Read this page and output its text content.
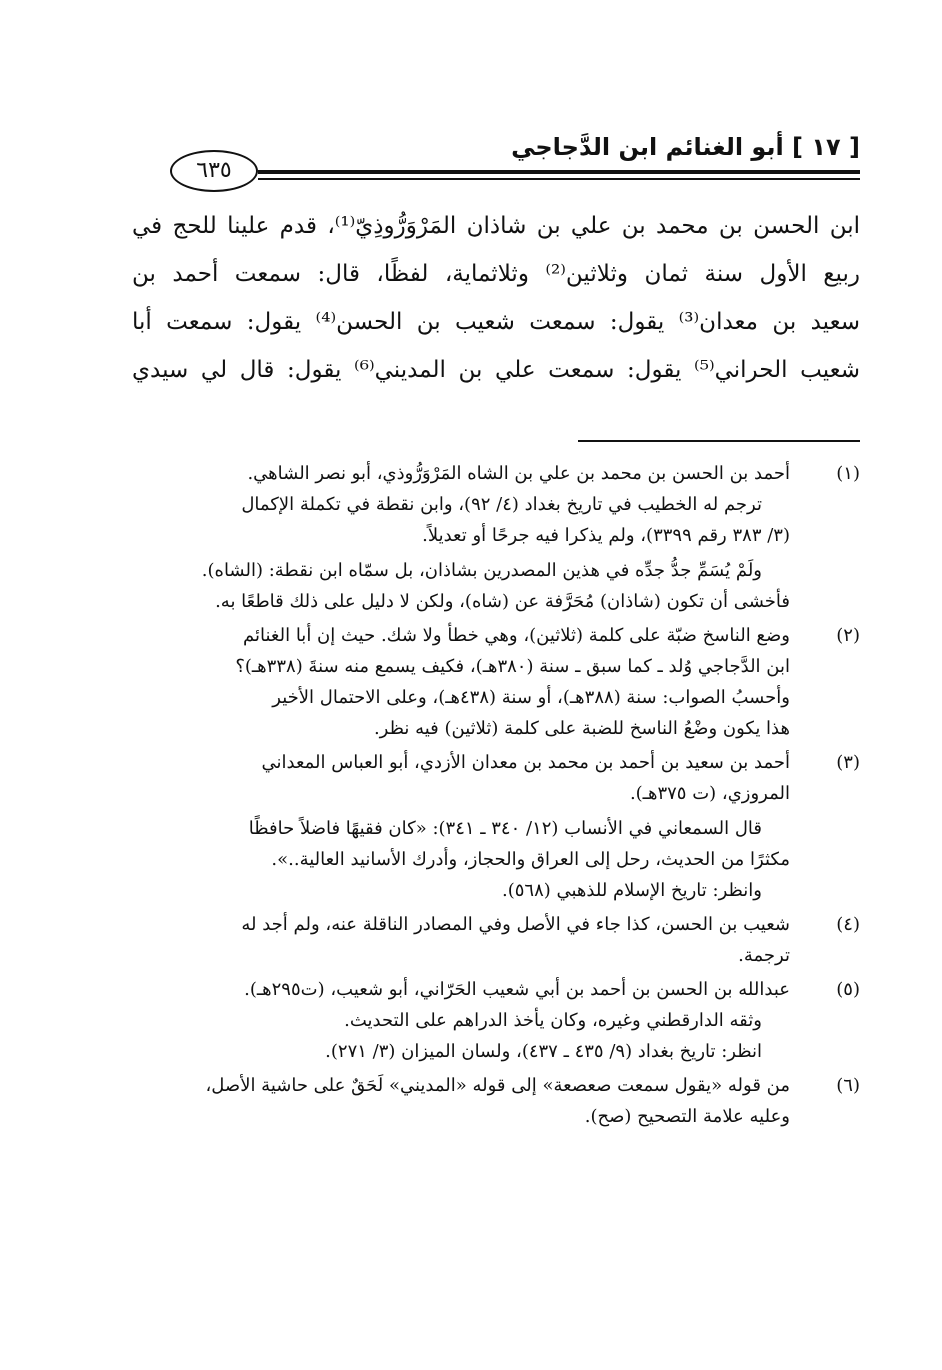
[ ١٧ ] أبو الغنائم ابن الدَّجاجي
٦٣٥
ابن الحسن بن محمد بن علي بن شاذان المَرْوَرُّوذِيّ⁽¹⁾، قدم علينا للحج في
ربيع الأول سنة ثمان وثلاثين⁽²⁾ وثلاثماية، لفظًا، قال: سمعت أحمد بن
سعيد بن معدان⁽³⁾ يقول: سمعت شعيب بن الحسن⁽⁴⁾ يقول: سمعت أبا
شعيب الحراني⁽⁵⁾ يقول: سمعت علي بن المديني⁽⁶⁾ يقول: قال لي سيدي
(١)
أحمد بن الحسن بن محمد بن علي بن الشاه المَرْوَرُّوذي، أبو نصر الشاهي.
ترجم له الخطيب في تاريخ بغداد (٤/ ٩٢)، وابن نقطة في تكملة الإكمال
(٣/ ٣٨٣ رقم ٣٣٩٩)، ولم يذكرا فيه جرحًا أو تعديلاً.
ولَمْ يُسَمِّ جدُّ جدِّه في هذين المصدرين بشاذان، بل سمّاه ابن نقطة: (الشاه).
فأخشى أن تكون (شاذان) مُحَرَّفة عن (شاه)، ولكن لا دليل على ذلك قاطعًا به.
(٢)
وضع الناسخ ضبّة على كلمة (ثلاثين)، وهي خطأ ولا شك. حيث إن أبا الغنائم
ابن الدَّجاجي وُلد ـ كما سبق ـ سنة (٣٨٠هـ)، فكيف يسمع منه سنةَ (٣٣٨هـ)؟
وأحسبُ الصواب: سنة (٣٨٨هـ)، أو سنة (٤٣٨هـ)، وعلى الاحتمال الأخير
هذا يكون وضْعُ الناسخ للضبة على كلمة (ثلاثين) فيه نظر.
(٣)
أحمد بن سعيد بن أحمد بن محمد بن معدان الأزدي، أبو العباس المعداني
المروزي، (ت ٣٧٥هـ).
قال السمعاني في الأنساب (١٢/ ٣٤٠ ـ ٣٤١): «كان فقيهًا فاضلاً حافظًا
مكثرًا من الحديث، رحل إلى العراق والحجاز، وأدرك الأسانيد العالية..».
وانظر: تاريخ الإسلام للذهبي (٥٦٨).
(٤)
شعيب بن الحسن، كذا جاء في الأصل وفي المصادر الناقلة عنه، ولم أجد له
ترجمة.
(٥)
عبدالله بن الحسن بن أحمد بن أبي شعيب الحَرّاني، أبو شعيب، (ت٢٩٥هـ).
وثقه الدارقطني وغيره، وكان يأخذ الدراهم على التحديث.
انظر: تاريخ بغداد (٩/ ٤٣٥ ـ ٤٣٧)، ولسان الميزان (٣/ ٢٧١).
(٦)
من قوله «يقول سمعت صعصعة» إلى قوله «المديني» لَحَقٌ على حاشية الأصل،
وعليه علامة التصحيح (صح).
